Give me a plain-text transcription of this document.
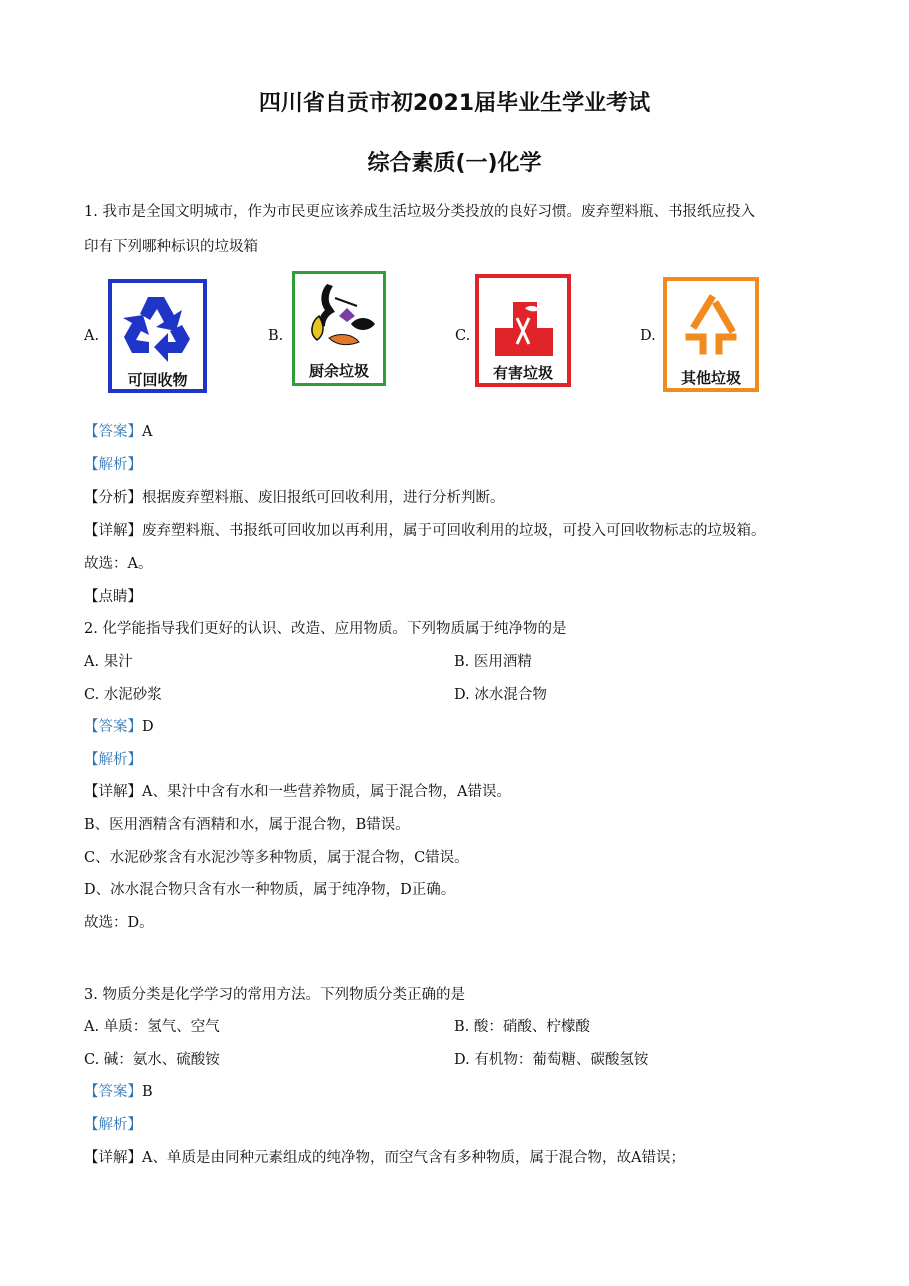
四川省自贡市初2021届毕业生学业考试
综合素质(一)化学
1. 我市是全国文明城市，作为市民更应该养成生活垃圾分类投放的良好习惯。废弃塑料瓶、书报纸应投入
印有下列哪种标识的垃圾箱
A.
可回收物
B.
厨余垃圾
C.
有害垃圾
D.
其他垃圾
【答案】A
【解析】
【分析】根据废弃塑料瓶、废旧报纸可回收利用，进行分析判断。
【详解】废弃塑料瓶、书报纸可回收加以再利用，属于可回收利用的垃圾，可投入可回收物标志的垃圾箱。
故选：A。
【点睛】
2. 化学能指导我们更好的认识、改造、应用物质。下列物质属于纯净物的是
A. 果汁	B. 医用酒精
C. 水泥砂浆	D. 冰水混合物
【答案】D
【解析】
【详解】A、果汁中含有水和一些营养物质，属于混合物，A错误。
B、医用酒精含有酒精和水，属于混合物，B错误。
C、水泥砂浆含有水泥沙等多种物质，属于混合物，C错误。
D、冰水混合物只含有水一种物质，属于纯净物，D正确。
故选：D。
3. 物质分类是化学学习的常用方法。下列物质分类正确的是
A. 单质：氢气、空气	B. 酸：硝酸、柠檬酸
C. 碱：氨水、硫酸铵	D. 有机物：葡萄糖、碳酸氢铵
【答案】B
【解析】
【详解】A、单质是由同种元素组成的纯净物，而空气含有多种物质，属于混合物，故A错误；
